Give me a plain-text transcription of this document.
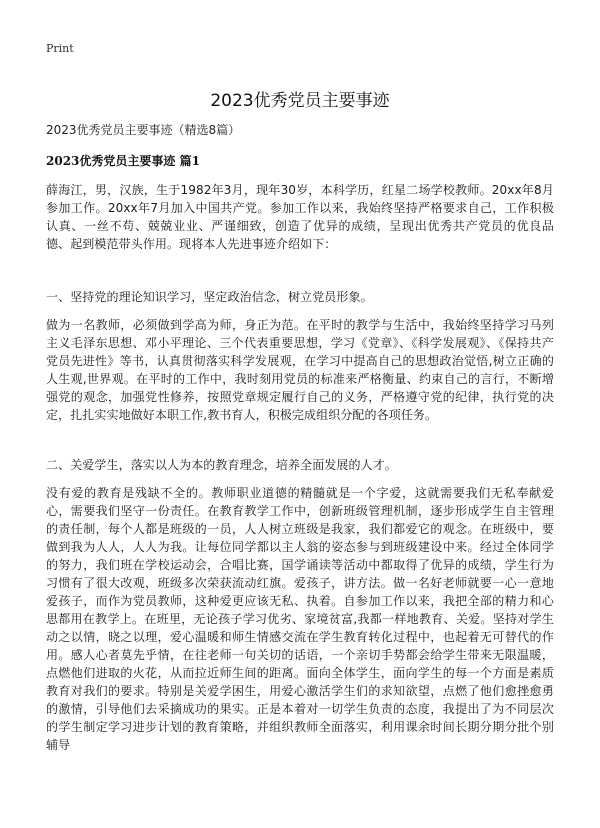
Print
2023优秀党员主要事迹
2023优秀党员主要事迹（精选8篇）
2023优秀党员主要事迹 篇1

薛海江，男，汉族，生于1982年3月，现年30岁，本科学历，红星二场学校教师。20xx年8月参加工作。20xx年7月加入中国共产党。参加工作以来，我始终坚持严格要求自己，工作积极认真、一丝不苟、兢兢业业、严谨细致，创造了优异的成绩，呈现出优秀共产党员的优良品德、起到模范带头作用。现将本人先进事迹介绍如下：

一、坚持党的理论知识学习，坚定政治信念，树立党员形象。

做为一名教师，必须做到学高为师，身正为范。在平时的教学与生活中，我始终坚持学习马列主义毛泽东思想、邓小平理论、三个代表重要思想，学习《党章》、《科学发展观》、《保持共产党员先进性》等书，认真贯彻落实科学发展观，在学习中提高自己的思想政治觉悟,树立正确的人生观,世界观。在平时的工作中，我时刻用党员的标准来严格衡量、约束自己的言行，不断增强党的观念，加强党性修养，按照党章规定履行自己的义务，严格遵守党的纪律，执行党的决定，扎扎实实地做好本职工作,教书育人，积极完成组织分配的各项任务。

二、关爱学生，落实以人为本的教育理念，培养全面发展的人才。

没有爱的教育是残缺不全的。教师职业道德的精髓就是一个字爱，这就需要我们无私奉献爱心，需要我们坚守一份责任。在教育教学工作中，创新班级管理机制，逐步形成学生自主管理的责任制，每个人都是班级的一员，人人树立班级是我家，我们都爱它的观念。在班级中，要做到我为人人，人人为我。让每位同学都以主人翁的姿态参与到班级建设中来。经过全体同学的努力，我们班在学校运动会，合唱比赛，国学诵读等活动中都取得了优异的成绩，学生行为习惯有了很大改观，班级多次荣获流动红旗。爱孩子，讲方法。做一名好老师就要一心一意地爱孩子，而作为党员教师，这种爱更应该无私、执着。自参加工作以来，我把全部的精力和心思都用在教学上。在班里，无论孩子学习优劣、家境贫富,我都一样地教育、关爱。坚持对学生动之以情，晓之以理，爱心温暖和师生情感交流在学生教育转化过程中，也起着无可替代的作用。感人心者莫先乎情，在往老师一句关切的话语，一个亲切手势都会给学生带来无限温暖，点燃他们进取的火花，从而拉近师生间的距离。面向全体学生，面向学生的每一个方面是素质教育对我们的要求。特别是关爱学困生，用爱心激活学生们的求知欲望，点燃了他们愈挫愈勇的激情，引导他们去采摘成功的果实。正是本着对一切学生负责的态度，我提出了为不同层次的学生制定学习进步计划的教育策略，并组织教师全面落实，利用课余时间长期分期分批个别辅导
